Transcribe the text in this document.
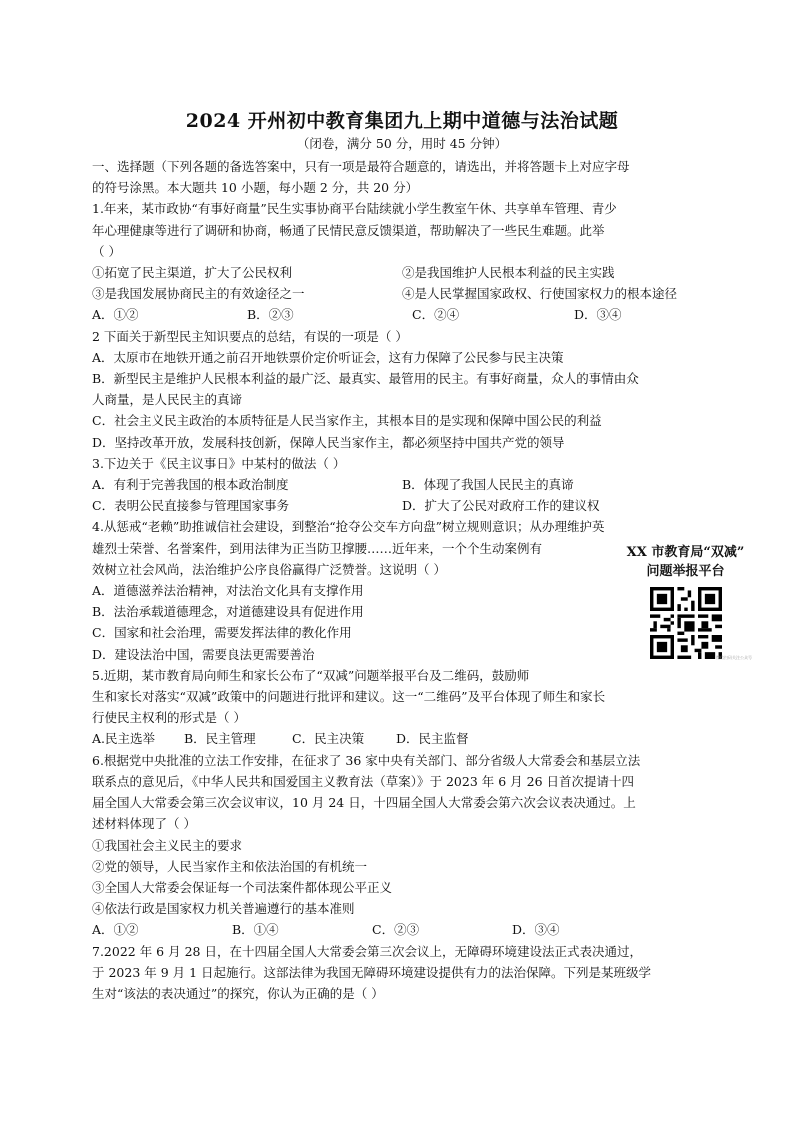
2024 开州初中教育集团九上期中道德与法治试题
（闭卷，满分 50 分，用时 45 分钟）
一、选择题（下列各题的备选答案中，只有一项是最符合题意的，请选出，并将答题卡上对应字母
的符号涂黑。本大题共 10 小题，每小题 2 分，共 20 分）
1.年来，某市政协“有事好商量”民生实事协商平台陆续就小学生教室午休、共享单车管理、青少
年心理健康等进行了调研和协商，畅通了民情民意反馈渠道，帮助解决了一些民生难题。此举
（ ）
①拓宽了民主渠道，扩大了公民权利	②是我国维护人民根本利益的民主实践
③是我国发展协商民主的有效途径之一	④是人民掌握国家政权、行使国家权力的根本途径
A．①②	B．②③	C．②④	D．③④
2 下面关于新型民主知识要点的总结，有误的一项是（ ）
A．太原市在地铁开通之前召开地铁票价定价听证会，这有力保障了公民参与民主决策
B．新型民主是维护人民根本利益的最广泛、最真实、最管用的民主。有事好商量，众人的事情由众
人商量，是人民民主的真谛
C．社会主义民主政治的本质特征是人民当家作主，其根本目的是实现和保障中国公民的利益
D．坚持改革开放，发展科技创新，保障人民当家作主，都必须坚持中国共产党的领导
3.下边关于《民主议事日》中某村的做法（ ）
A．有利于完善我国的根本政治制度	B．体现了我国人民民主的真谛
C．表明公民直接参与管理国家事务	D．扩大了公民对政府工作的建议权
4.从惩戒“老赖”助推诚信社会建设，到整治“抢夺公交车方向盘”树立规则意识；从办理维护英
雄烈士荣誉、名誉案件，到用法律为正当防卫撑腰……近年来，一个个生动案例有
效树立社会风尚，法治维护公序良俗赢得广泛赞誉。这说明（ ）
A．道德滋养法治精神，对法治文化具有支撑作用
B．法治承载道德理念，对道德建设具有促进作用
C．国家和社会治理，需要发挥法律的教化作用
D．建设法治中国，需要良法更需要善治
5.近期，某市教育局向师生和家长公布了“双减”问题举报平台及二维码，鼓励师
生和家长对落实“双减”政策中的问题进行批评和建议。这一“二维码”及平台体现了师生和家长
行使民主权利的形式是（ ）
A.民主选举	B．民主管理	C．民主决策	D．民主监督
6.根据党中央批准的立法工作安排，在征求了 36 家中央有关部门、部分省级人大常委会和基层立法
联系点的意见后，《中华人民共和国爱国主义教育法（草案）》于 2023 年 6 月 26 日首次提请十四
届全国人大常委会第三次会议审议，10 月 24 日，十四届全国人大常委会第六次会议表决通过。上
述材料体现了（ ）
①我国社会主义民主的要求
②党的领导，人民当家作主和依法治国的有机统一
③全国人大常委会保证每一个司法案件都体现公平正义
④依法行政是国家权力机关普遍遵行的基本准则
A．①②	B．①④	C．②③	D．③④
7.2022 年 6 月 28 日，在十四届全国人大常委会第三次会议上，无障碍环境建设法正式表决通过，
于 2023 年 9 月 1 日起施行。这部法律为我国无障碍环境建设提供有力的法治保障。下列是某班级学
生对“该法的表决通过”的探究，你认为正确的是（ ）
XX 市教育局“双减”
问题举报平台
微信扫码关注公众号
